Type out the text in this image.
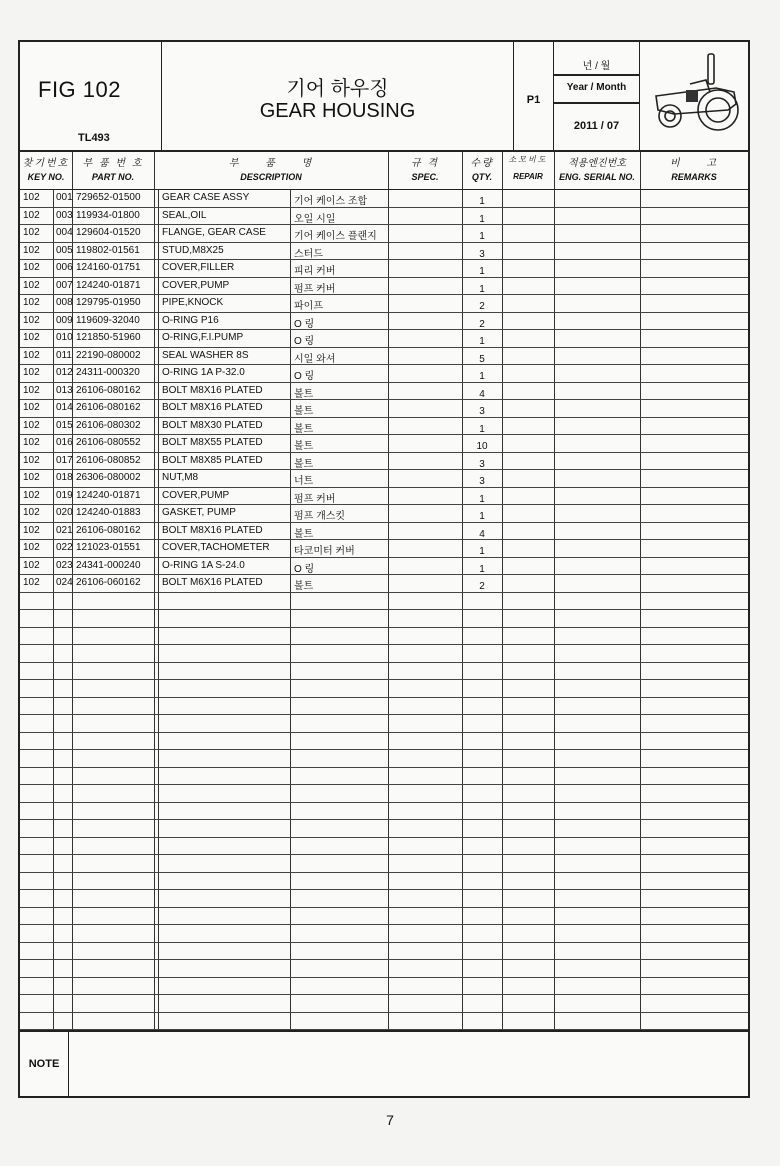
FIG 102
TL493
기어 하우징
GEAR HOUSING	P1
년 / 월
Year / Month
2011 / 07
찾기번호
KEY NO.
부 품 번 호
PART NO.
부 품 명
DESCRIPTION
규 격
SPEC.
수량
QTY.
소모비도
REPAIR
적용엔진번호
ENG. SERIAL NO.
비 고
REMARKS
102 001 729652-01500 GEAR CASE ASSY	기어 케이스 조합	1
102 003 119934-01800 SEAL,OIL	오일 시일	1
102 004 129604-01520 FLANGE, GEAR CASE	기어 케이스 플랜지	1
102 005 119802-01561 STUD,M8X25	스터드	3
102 006 124160-01751 COVER,FILLER	피리 커버	1
102 007 124240-01871 COVER,PUMP	펌프 커버	1
102 008 129795-01950 PIPE,KNOCK	파이프	2
102 009 119609-32040 O-RING P16	O 링	2
102 010 121850-51960 O-RING,F.I.PUMP	O 링	1
102 011 22190-080002 SEAL WASHER 8S	시일 와셔	5
102 012 24311-000320 O-RING 1A P-32.0	O 링	1
102 013 26106-080162 BOLT M8X16 PLATED	볼트	4
102 014 26106-080162 BOLT M8X16 PLATED	볼트	3
102 015 26106-080302 BOLT M8X30 PLATED	볼트	1
102 016 26106-080552 BOLT M8X55 PLATED	볼트	10
102 017 26106-080852 BOLT M8X85 PLATED	볼트	3
102 018 26306-080002 NUT,M8	너트	3
102 019 124240-01871 COVER,PUMP	펌프 커버	1
102 020 124240-01883 GASKET, PUMP	펌프 개스킷	1
102 021 26106-080162 BOLT M8X16 PLATED	볼트	4
102 022 121023-01551 COVER,TACHOMETER 타코미터 커버	1
102 023 24341-000240 O-RING 1A S-24.0	O 링	1
102 024 26106-060162 BOLT M6X16 PLATED	볼트	2
NOTE
7
